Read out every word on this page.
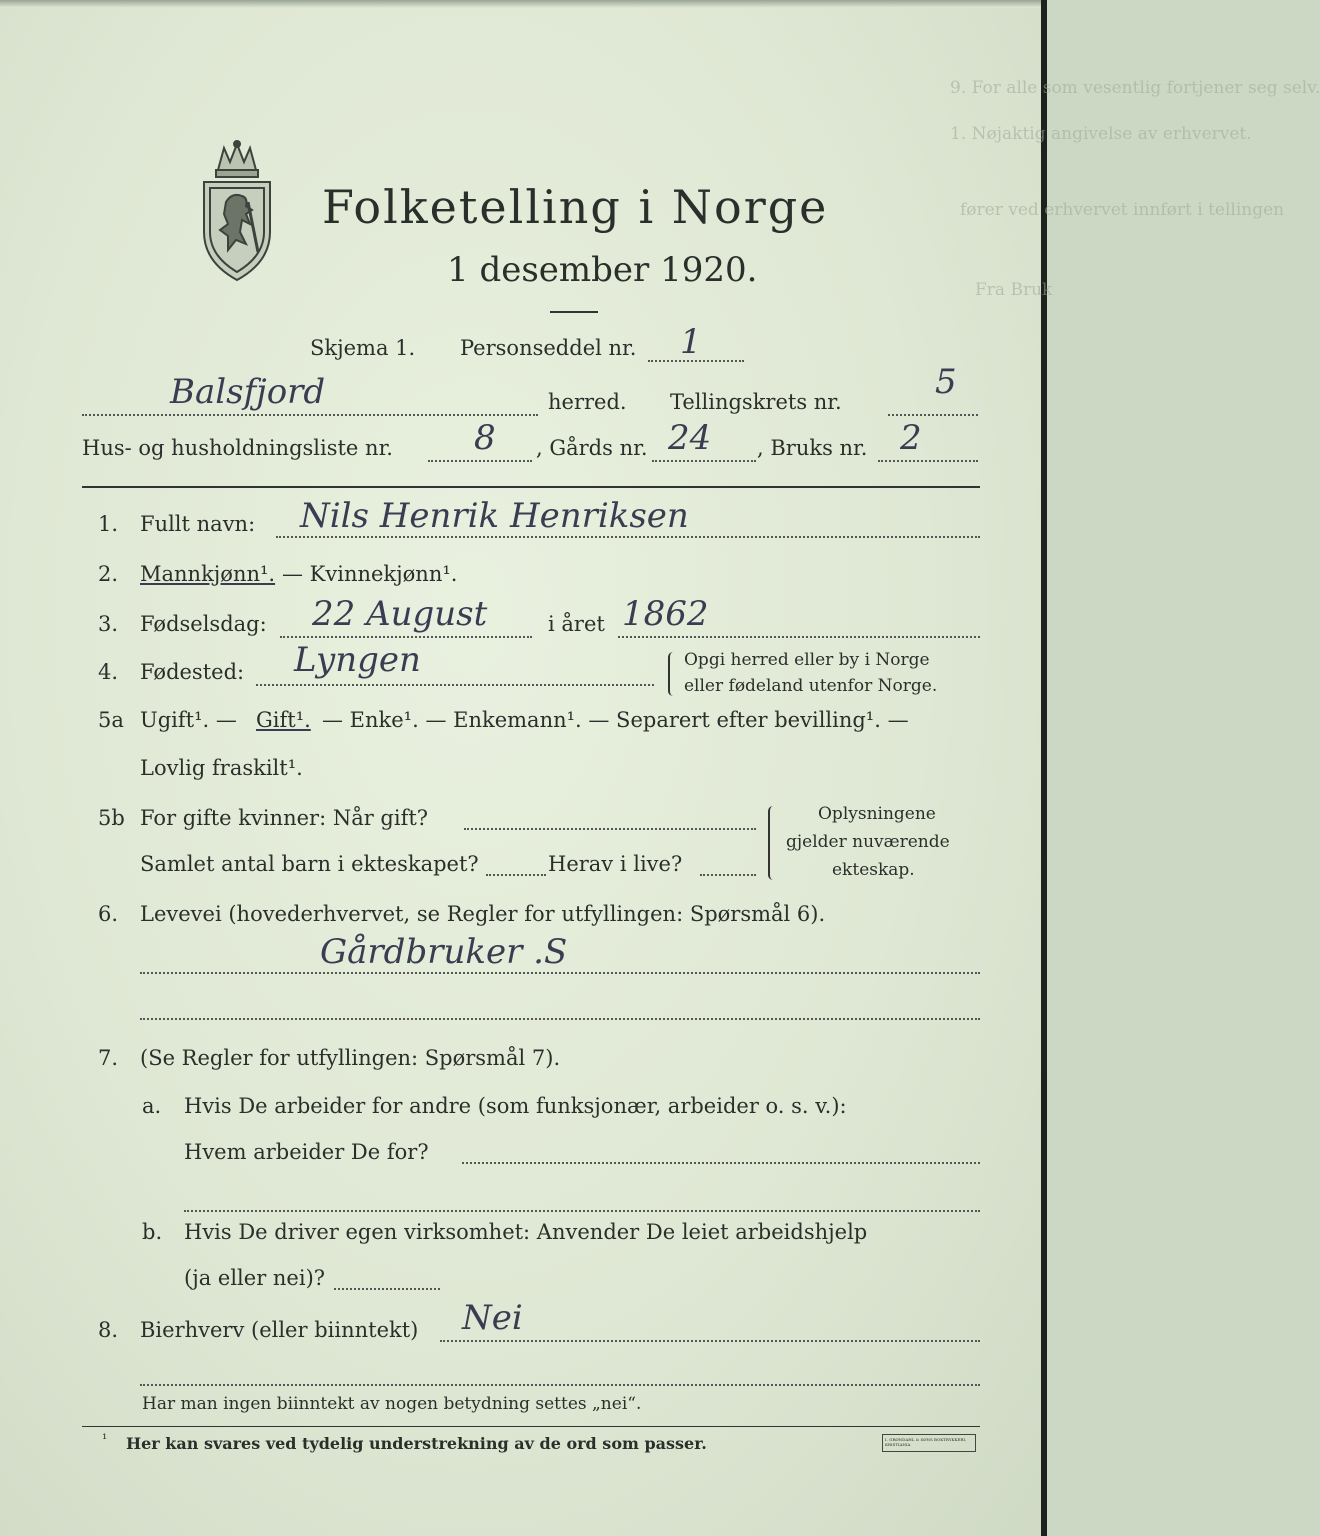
9. For alle som vesentlig fortjener seg selv.
1. Nøjaktig angivelse av erhvervet.
fører ved erhvervet innført i tellingen
Fra Bruk
Folketelling i Norge
1 desember 1920.
Skjema 1. Personseddel nr. 1
Balsfjord	herred. Tellingskrets nr.	5
Hus- og husholdningsliste nr. 8 , Gårds nr. 24 , Bruks nr. 2
1. Fullt navn: Nils Henrik Henriksen
2. Mannkjønn¹. — Kvinnekjønn¹.
3. Fødselsdag: 22 August	i året 1862
4. Fødested: Lyngen	Opgi herred eller by i Norge
eller fødeland utenfor Norge.
5a Ugift¹. — Gift¹. — Enke¹. — Enkemann¹. — Separert efter bevilling¹. —
Lovlig fraskilt¹.
5b For gifte kvinner: Når gift?
Samlet antal barn i ekteskapet?	Herav i live?
Oplysningene
gjelder nuværende
ekteskap.
6. Levevei (hovederhvervet, se Regler for utfyllingen: Spørsmål 6).
Gårdbruker .S
7. (Se Regler for utfyllingen: Spørsmål 7).
a. Hvis De arbeider for andre (som funksjonær, arbeider o. s. v.):
Hvem arbeider De for?
b. Hvis De driver egen virksomhet: Anvender De leiet arbeidshjelp
(ja eller nei)?
8. Bierhverv (eller biinntekt) Nei
Har man ingen biinntekt av nogen betydning settes „nei“.
¹ Her kan svares ved tydelig understrekning av de ord som passer.	I. GRØNDAHL & SØNS BOKTRYKKERI, KRISTIANIA
